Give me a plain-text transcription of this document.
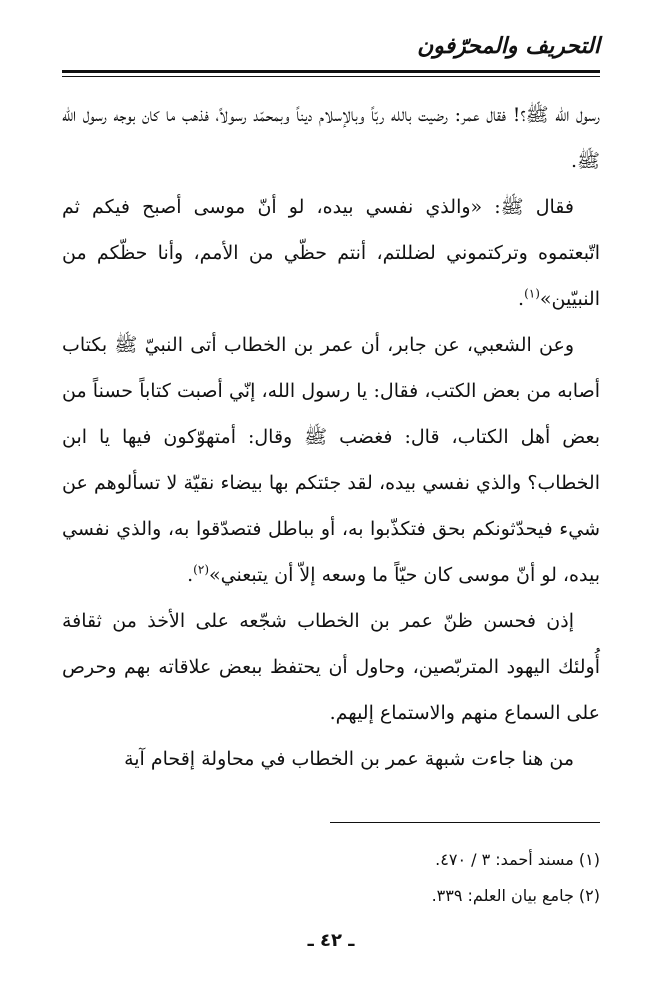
التحريف والمحرّفون

رسول الله ﷺ؟! فقال عمر: رضيت بالله ربّاً وبالإسلام ديناً وبمحمّد رسولاً، فذهب ما كان بوجه رسول الله ﷺ.

فقال ﷺ: «والذي نفسي بيده، لو أنّ موسى أصبح فيكم ثم اتّبعتموه وتركتموني لضللتم، أنتم حظّي من الأمم، وأنا حظّكم من النبيّين»$^{(١)}$.

وعن الشعبي، عن جابر، أن عمر بن الخطاب أتى النبيّ ﷺ بكتاب أصابه من بعض الكتب، فقال: يا رسول الله، إنّي أصبت كتاباً حسناً من بعض أهل الكتاب، قال: فغضب ﷺ وقال: أمتهوّكون فيها يا ابن الخطاب؟ والذي نفسي بيده، لقد جئتكم بها بيضاء نقيّة لا تسألوهم عن شيء فيحدّثونكم بحق فتكذّبوا به، أو بباطل فتصدّقوا به، والذي نفسي بيده، لو أنّ موسى كان حيّاً ما وسعه إلاّ أن يتبعني»$^{(٢)}$.

إذن فحسن ظنّ عمر بن الخطاب شجّعه على الأخذ من ثقافة أُولئك اليهود المتربّصين، وحاول أن يحتفظ ببعض علاقاته بهم وحرص على السماع منهم والاستماع إليهم.

من هنا جاءت شبهة عمر بن الخطاب في محاولة إقحام آية

(١) مسند أحمد: ٣ / ٤٧٠.

(٢) جامع بيان العلم: ٣٣٩.

ـ ٤٢ ـ
